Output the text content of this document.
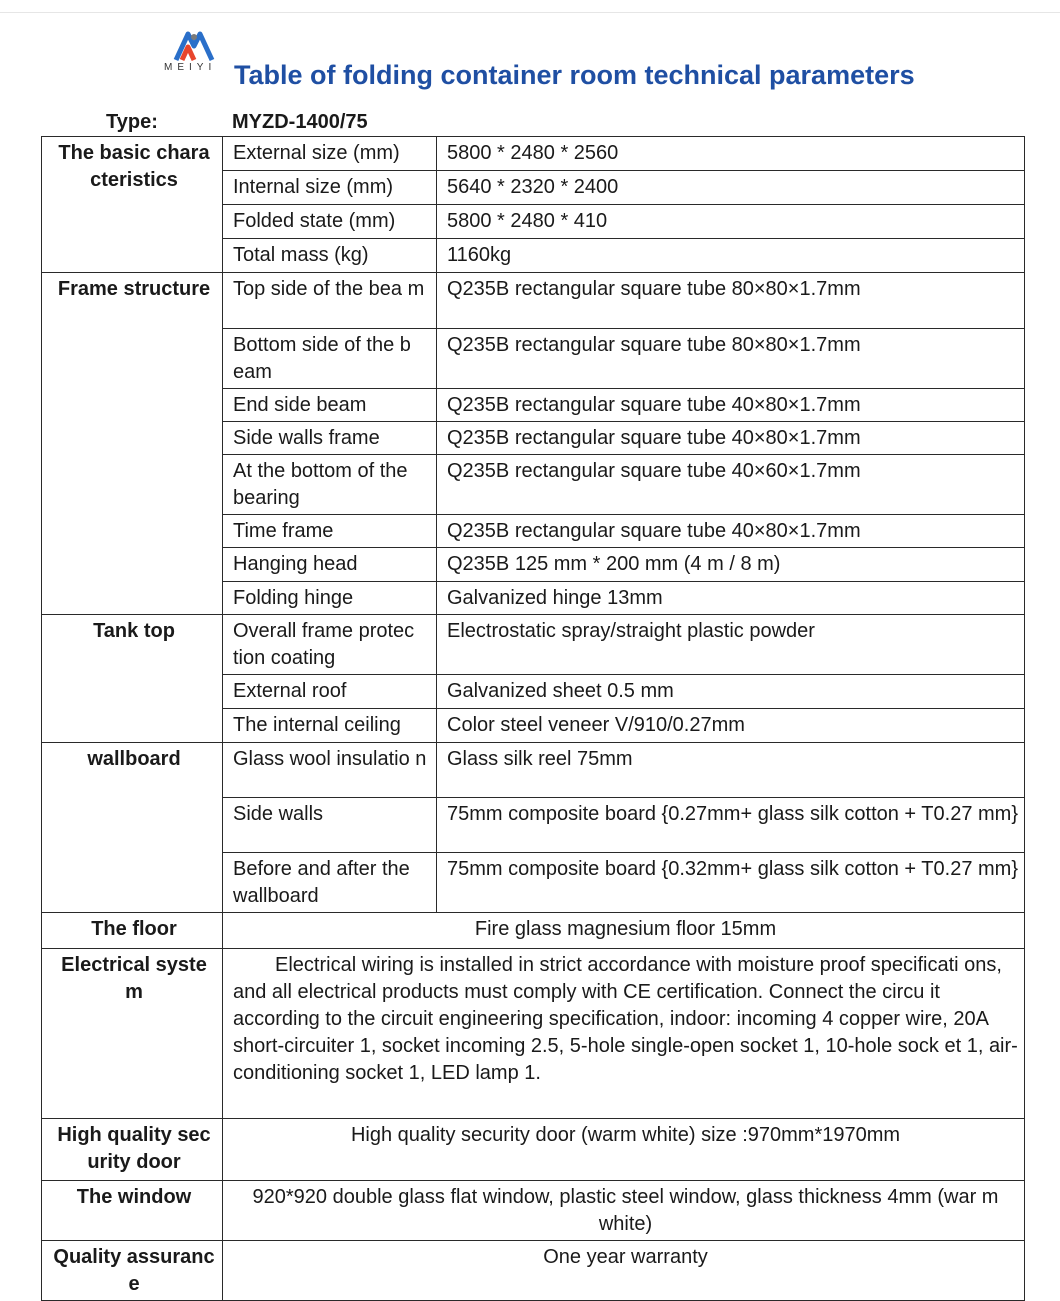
MEIYI Table of folding container room technical parameters
Type:	MYZD-1400/75
The basic chara cteristics	External size (mm)	5800 * 2480 * 2560
	Internal size (mm)	5640 * 2320 * 2400
	Folded state (mm)	5800 * 2480 * 410
	Total mass (kg)	1160kg
Frame structure	Top side of the bea m	Q235B rectangular square tube 80×80×1.7mm
	Bottom side of the b eam	Q235B rectangular square tube 80×80×1.7mm
	End side beam	Q235B rectangular square tube 40×80×1.7mm
	Side walls frame	Q235B rectangular square tube 40×80×1.7mm
	At the bottom of the bearing	Q235B rectangular square tube 40×60×1.7mm
	Time frame	Q235B rectangular square tube 40×80×1.7mm
	Hanging head	Q235B 125 mm * 200 mm (4 m / 8 m)
	Folding hinge	Galvanized hinge 13mm
Tank top	Overall frame protec tion coating	Electrostatic spray/straight plastic powder
	External roof	Galvanized sheet 0.5 mm
	The internal ceiling	Color steel veneer V/910/0.27mm
wallboard	Glass wool insulatio n	Glass silk reel 75mm
	Side walls	75mm composite board {0.27mm+ glass silk cotton + T0.27 mm}
	Before and after the wallboard	75mm composite board {0.32mm+ glass silk cotton + T0.27 mm}
The floor	Fire glass magnesium floor 15mm	
Electrical syste m	Electrical wiring is installed in strict accordance with moisture proof specificati ons, and all electrical products must comply with CE certification. Connect the circu it according to the circuit engineering specification, indoor: incoming 4 copper wire, 20A short-circuiter 1, socket incoming 2.5, 5-hole single-open socket 1, 10-hole sock et 1, air-conditioning socket 1, LED lamp 1.	
High quality sec urity door	High quality security door (warm white) size :970mm*1970mm	
The window	920*920 double glass flat window, plastic steel window, glass thickness 4mm (war m white)	
Quality assuranc e	One year warranty	
